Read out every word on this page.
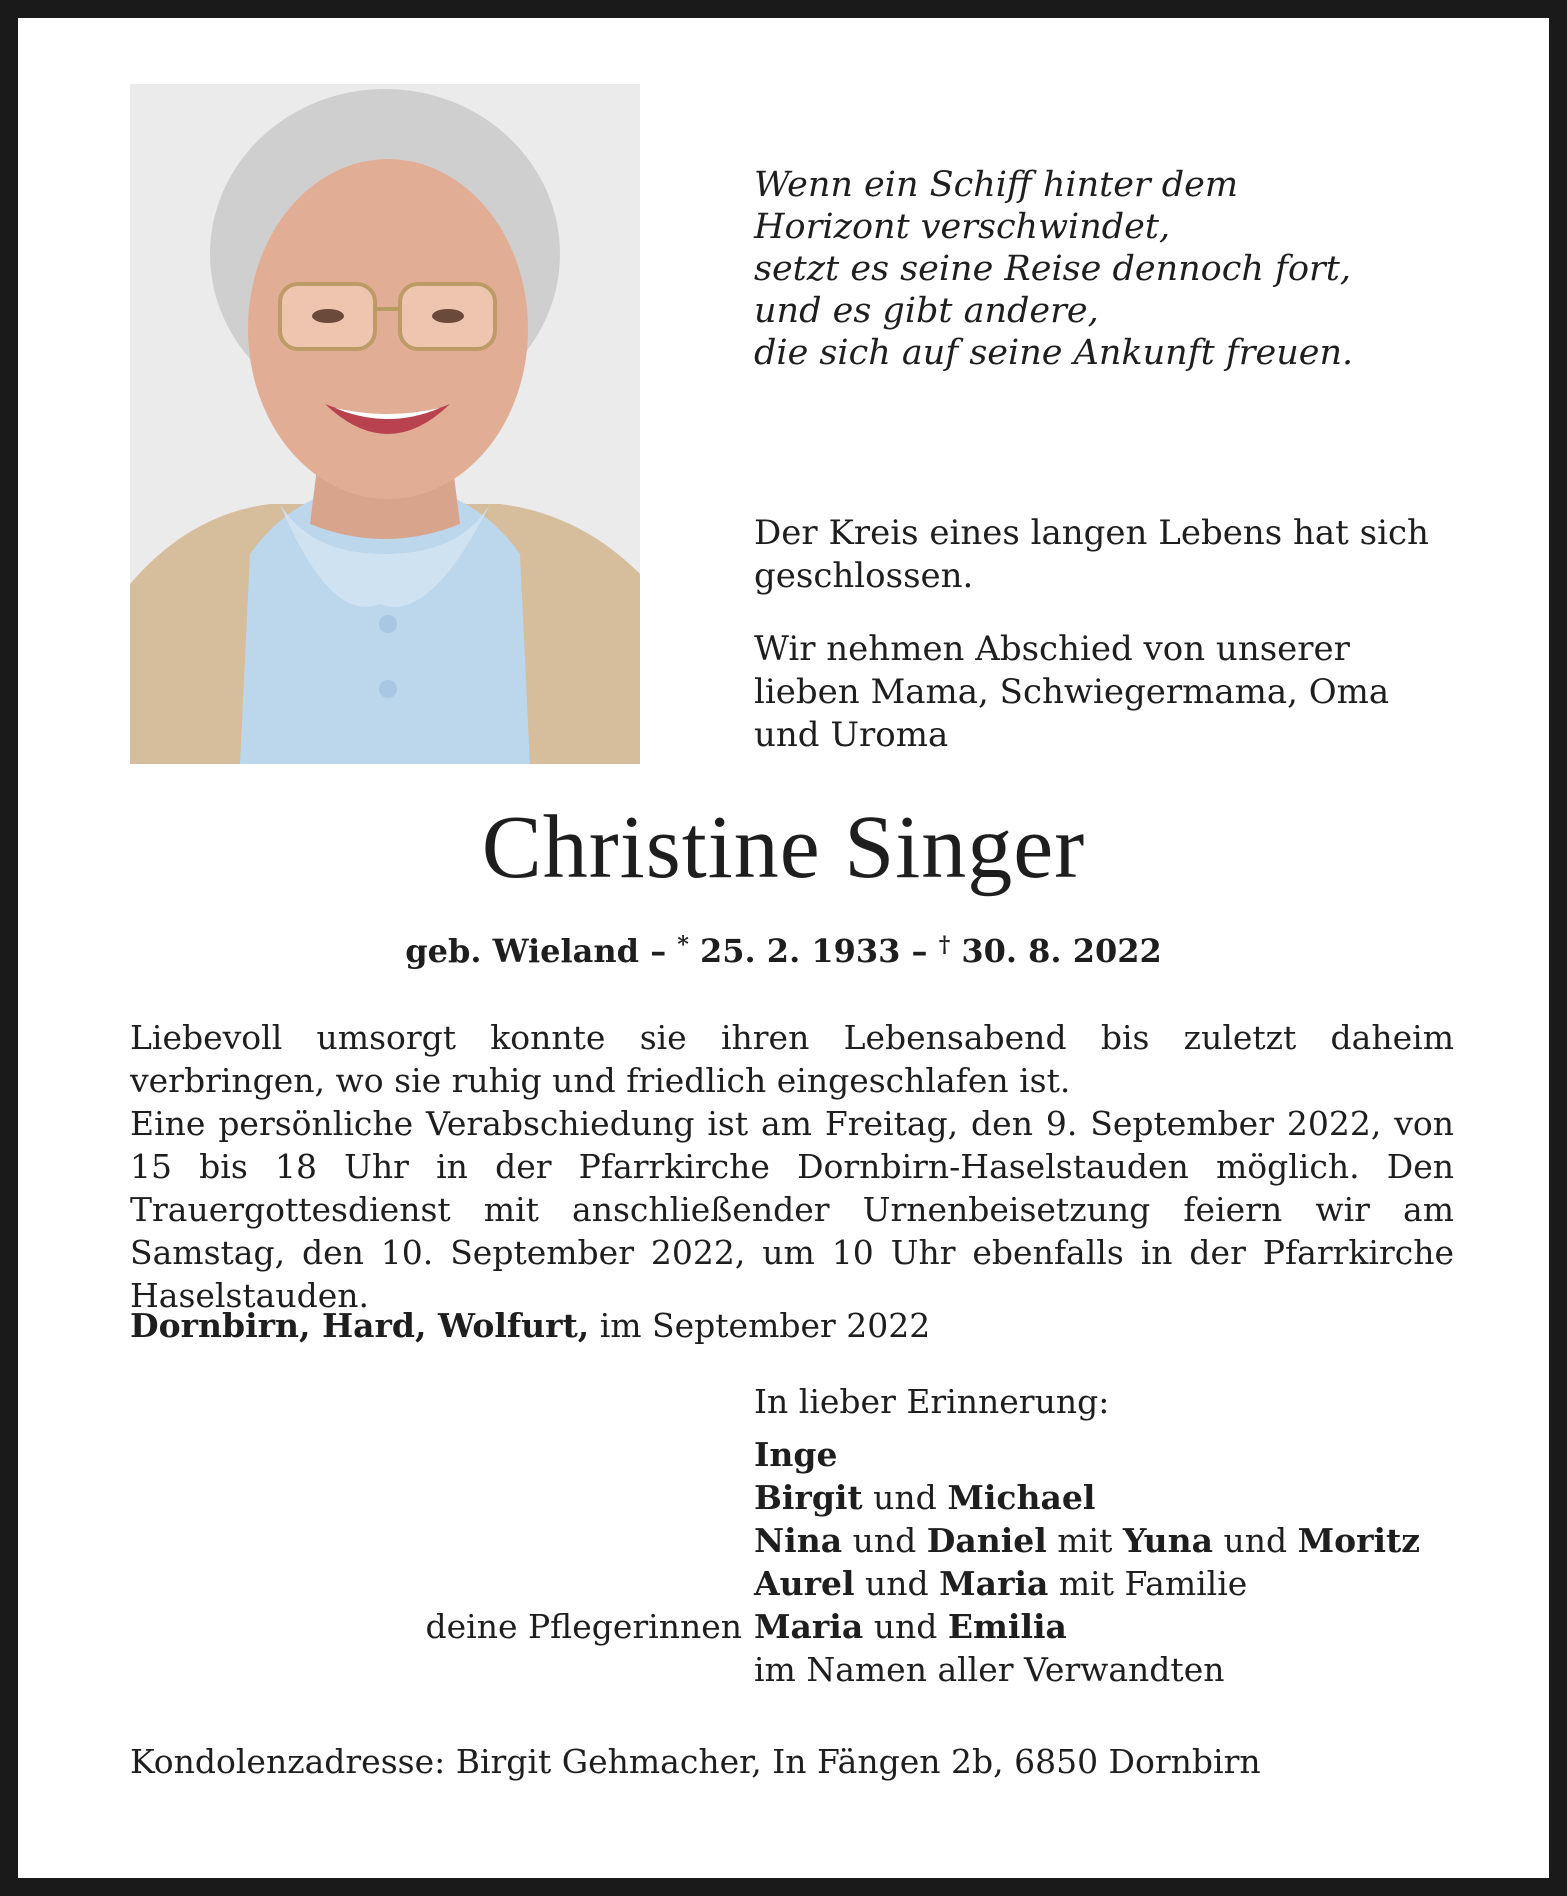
Wenn ein Schiff hinter dem
Horizont verschwindet,
setzt es seine Reise dennoch fort,
und es gibt andere,
die sich auf seine Ankunft freuen.

Der Kreis eines langen Lebens hat sich geschlossen.

Wir nehmen Abschied von unserer lieben Mama, Schwiegermama, Oma und Uroma

Christine Singer
geb. Wieland – * 25. 2. 1933 – † 30. 8. 2022

Liebevoll umsorgt konnte sie ihren Lebensabend bis zuletzt daheim verbringen, wo sie ruhig und friedlich eingeschlafen ist.

Eine persönliche Verabschiedung ist am Freitag, den 9. September 2022, von 15 bis 18 Uhr in der Pfarrkirche Dornbirn-Haselstauden möglich. Den Trauergottesdienst mit anschließender Urnenbeisetzung feiern wir am Samstag, den 10. September 2022, um 10 Uhr ebenfalls in der Pfarrkirche Haselstauden.

Dornbirn, Hard, Wolfurt, im September 2022
In lieber Erinnerung:
Inge
Birgit und Michael
Nina und Daniel mit Yuna und Moritz
Aurel und Maria mit Familie
deine Pflegerinnen Maria und Emilia
im Namen aller Verwandten
Kondolenzadresse: Birgit Gehmacher, In Fängen 2b, 6850 Dornbirn
